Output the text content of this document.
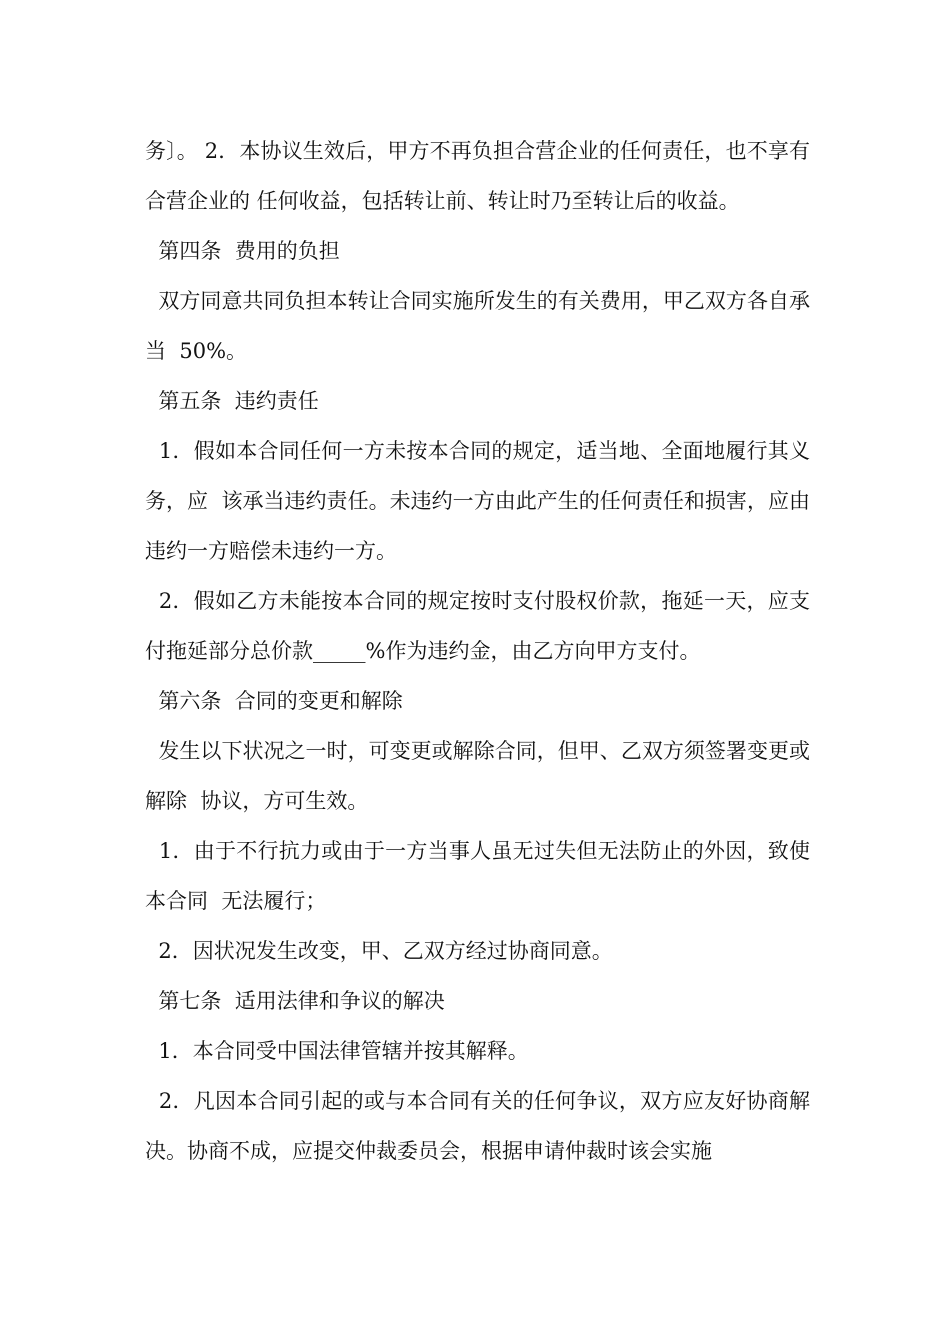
务〕。 2．本协议生效后，甲方不再负担合营企业的任何责任，也不享有合营企业的 任何收益，包括转让前、转让时乃至转让后的收益。

第四条  费用的负担

双方同意共同负担本转让合同实施所发生的有关费用，甲乙双方各自承当  50%。

第五条  违约责任

1．假如本合同任何一方未按本合同的规定，适当地、全面地履行其义务，应  该承当违约责任。未违约一方由此产生的任何责任和损害，应由违约一方赔偿未违约一方。

2．假如乙方未能按本合同的规定按时支付股权价款，拖延一天，应支付拖延部分总价款_____%作为违约金，由乙方向甲方支付。

第六条  合同的变更和解除

发生以下状况之一时，可变更或解除合同，但甲、乙双方须签署变更或解除  协议，方可生效。

1．由于不行抗力或由于一方当事人虽无过失但无法防止的外因，致使本合同  无法履行；

2．因状况发生改变，甲、乙双方经过协商同意。

第七条  适用法律和争议的解决

1．本合同受中国法律管辖并按其解释。

2．凡因本合同引起的或与本合同有关的任何争议，双方应友好协商解决。协商不成，应提交仲裁委员会，根据申请仲裁时该会实施
